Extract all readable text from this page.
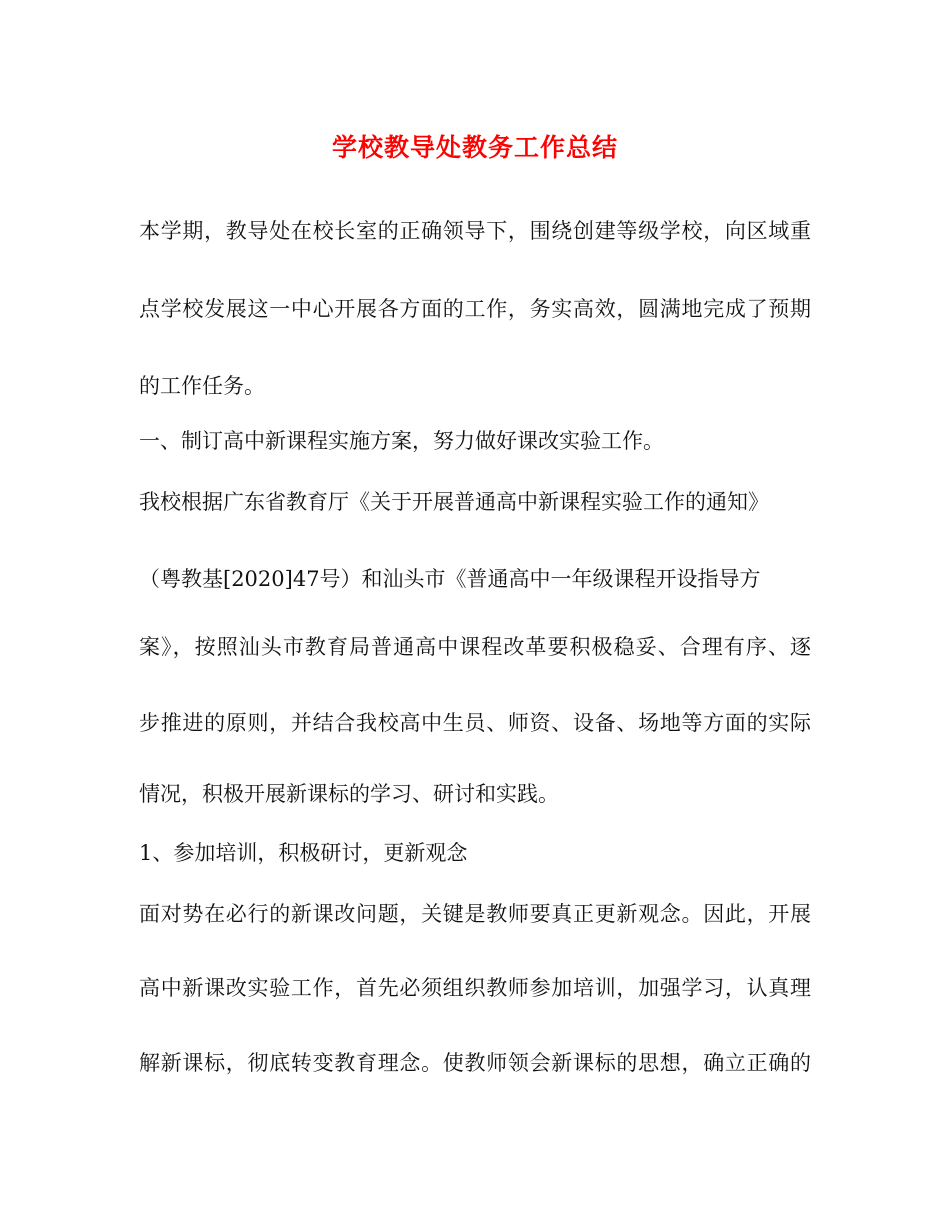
学校教导处教务工作总结

本学期，教导处在校长室的正确领导下，围绕创建等级学校，向区域重

点学校发展这一中心开展各方面的工作，务实高效，圆满地完成了预期

的工作任务。

一、制订高中新课程实施方案，努力做好课改实验工作。

我校根据广东省教育厅《关于开展普通高中新课程实验工作的通知》

（粤教基[2020]47号）和汕头市《普通高中一年级课程开设指导方

案》，按照汕头市教育局普通高中课程改革要积极稳妥、合理有序、逐

步推进的原则，并结合我校高中生员、师资、设备、场地等方面的实际

情况，积极开展新课标的学习、研讨和实践。

1、参加培训，积极研讨，更新观念

面对势在必行的新课改问题，关键是教师要真正更新观念。因此，开展

高中新课改实验工作，首先必须组织教师参加培训，加强学习，认真理

解新课标，彻底转变教育理念。使教师领会新课标的思想，确立正确的
